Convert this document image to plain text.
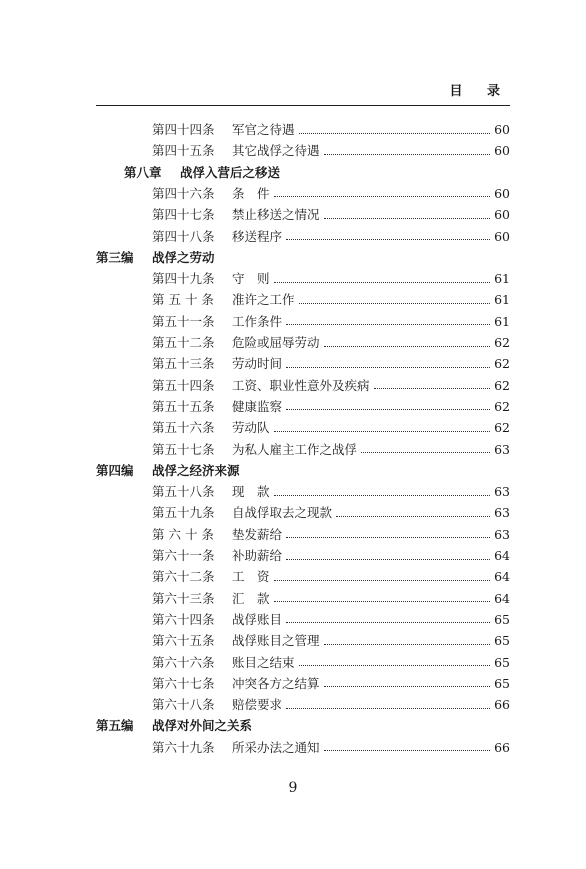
目 录
第四十四条	军官之待遇	60
第四十五条	其它战俘之待遇	60
第八章	战俘入营后之移送
第四十六条	条　件	60
第四十七条	禁止移送之情况	60
第四十八条	移送程序	60
第三编	战俘之劳动
第四十九条	守　则	61
第 五 十 条	准许之工作	61
第五十一条	工作条件	61
第五十二条	危险或屈辱劳动	62
第五十三条	劳动时间	62
第五十四条	工资、职业性意外及疾病	62
第五十五条	健康监察	62
第五十六条	劳动队	62
第五十七条	为私人雇主工作之战俘	63
第四编	战俘之经济来源
第五十八条	现　款	63
第五十九条	自战俘取去之现款	63
第 六 十 条	垫发薪给	63
第六十一条	补助薪给	64
第六十二条	工　资	64
第六十三条	汇　款	64
第六十四条	战俘账目	65
第六十五条	战俘账目之管理	65
第六十六条	账目之结束	65
第六十七条	冲突各方之结算	65
第六十八条	赔偿要求	66
第五编	战俘对外间之关系
第六十九条	所采办法之通知	66
9
